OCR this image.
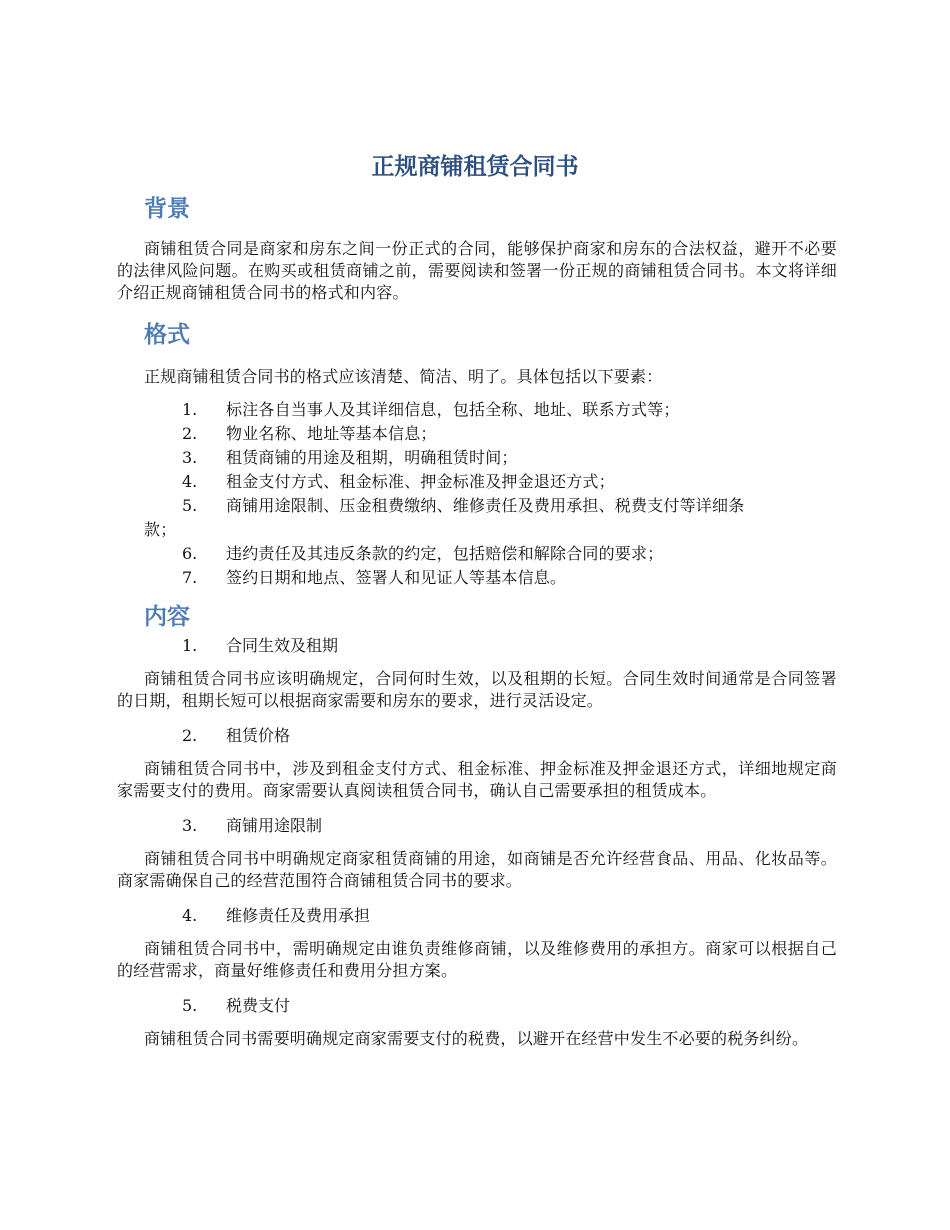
正规商铺租赁合同书
背景

商铺租赁合同是商家和房东之间一份正式的合同，能够保护商家和房东的合法权益，避开不必要的法律风险问题。在购买或租赁商铺之前，需要阅读和签署一份正规的商铺租赁合同书。本文将详细介绍正规商铺租赁合同书的格式和内容。

格式

正规商铺租赁合同书的格式应该清楚、简洁、明了。具体包括以下要素：

1. 标注各自当事人及其详细信息，包括全称、地址、联系方式等；
2. 物业名称、地址等基本信息；
3. 租赁商铺的用途及租期，明确租赁时间；
4. 租金支付方式、租金标准、押金标准及押金退还方式；
5. 商铺用途限制、压金租费缴纳、维修责任及费用承担、税费支付等详细条
款；
6. 违约责任及其违反条款的约定，包括赔偿和解除合同的要求；
7. 签约日期和地点、签署人和见证人等基本信息。
内容
1. 合同生效及租期

商铺租赁合同书应该明确规定，合同何时生效，以及租期的长短。合同生效时间通常是合同签署的日期，租期长短可以根据商家需要和房东的要求，进行灵活设定。

2. 租赁价格

商铺租赁合同书中，涉及到租金支付方式、租金标准、押金标准及押金退还方式，详细地规定商家需要支付的费用。商家需要认真阅读租赁合同书，确认自己需要承担的租赁成本。

3. 商铺用途限制

商铺租赁合同书中明确规定商家租赁商铺的用途，如商铺是否允许经营食品、用品、化妆品等。商家需确保自己的经营范围符合商铺租赁合同书的要求。

4. 维修责任及费用承担

商铺租赁合同书中，需明确规定由谁负责维修商铺，以及维修费用的承担方。商家可以根据自己的经营需求，商量好维修责任和费用分担方案。

5. 税费支付

商铺租赁合同书需要明确规定商家需要支付的税费，以避开在经营中发生不必要的税务纠纷。
